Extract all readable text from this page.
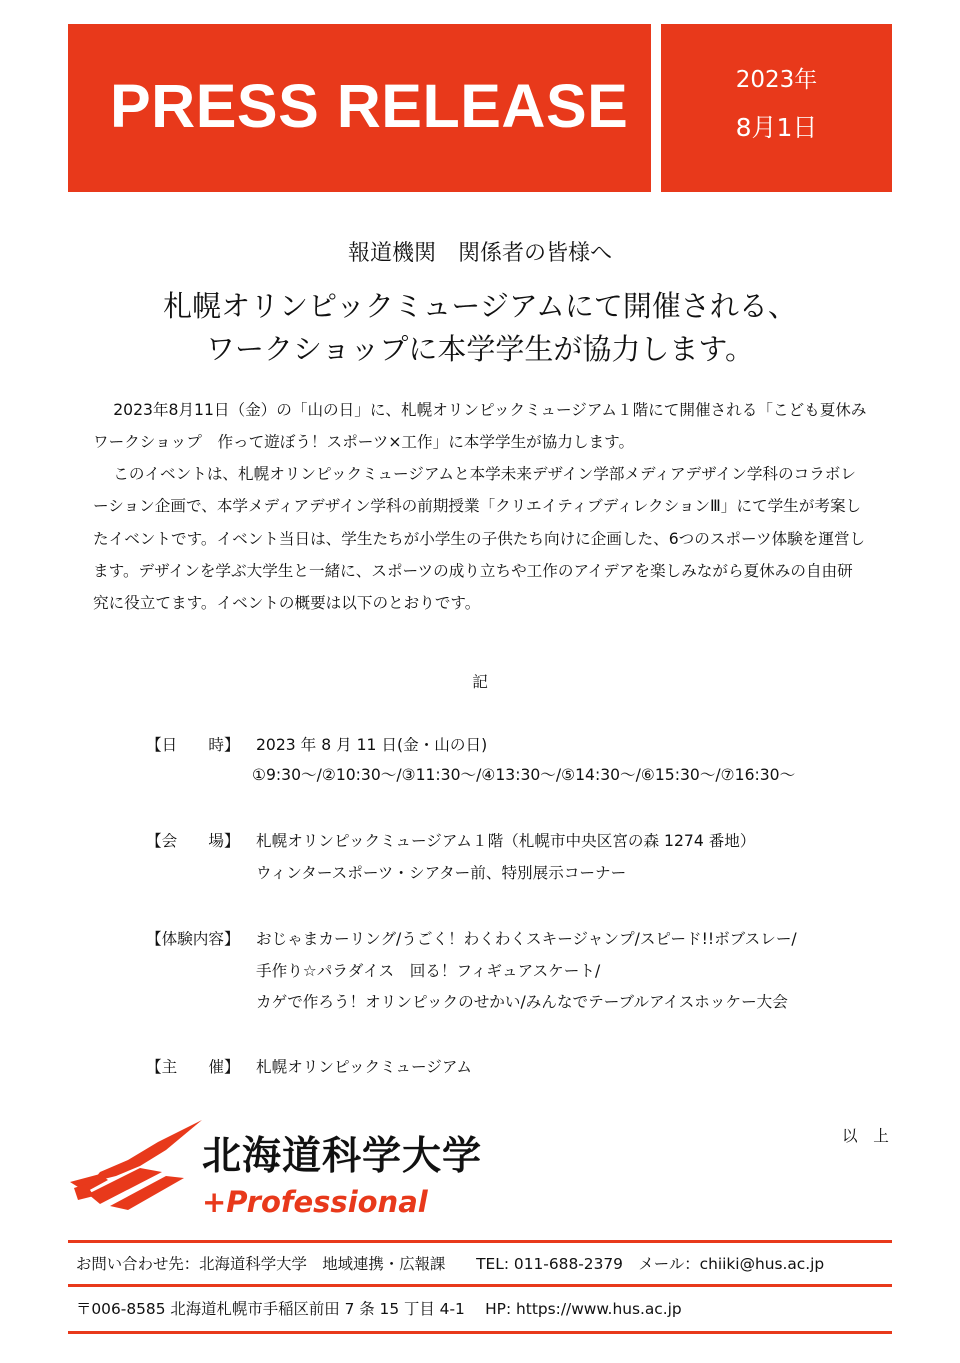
PRESS RELEASE	2023年
8月1日
報道機関　関係者の皆様へ
札幌オリンピックミュージアムにて開催される、
ワークショップに本学学生が協力します。

2023年8月11日（金）の「山の日」に、札幌オリンピックミュージアム１階にて開催される「こども夏休みワークショップ　作って遊ぼう！スポーツ×工作」に本学学生が協力します。

このイベントは、札幌オリンピックミュージアムと本学未来デザイン学部メディアデザイン学科のコラボレーション企画で、本学メディアデザイン学科の前期授業「クリエイティブディレクションⅢ」にて学生が考案したイベントです。イベント当日は、学生たちが小学生の子供たち向けに企画した、6つのスポーツ体験を運営します。デザインを学ぶ大学生と一緒に、スポーツの成り立ちや工作のアイデアを楽しみながら夏休みの自由研究に役立てます。イベントの概要は以下のとおりです。

記
【日　　時】 2023 年 8 月 11 日(金・山の日)
①9:30～/②10:30～/③11:30～/④13:30～/⑤14:30～/⑥15:30～/⑦16:30～
【会　　場】 札幌オリンピックミュージアム１階（札幌市中央区宮の森 1274 番地）
ウィンタースポーツ・シアター前、特別展示コーナー
【体験内容】 おじゃまカーリング/うごく！わくわくスキージャンプ/スピード!!ボブスレー/
手作り☆パラダイス　回る！フィギュアスケート/
カゲで作ろう！オリンピックのせかい/みんなでテーブルアイスホッケー大会
【主　　催】 札幌オリンピックミュージアム
以　上
北海道科学大学
+Professional
お問い合わせ先：北海道科学大学　地域連携・広報課　　TEL: 011-688-2379　メール：chiiki@hus.ac.jp
〒006-8585 北海道札幌市手稲区前田 7 条 15 丁目 4-1　 HP: https://www.hus.ac.jp
